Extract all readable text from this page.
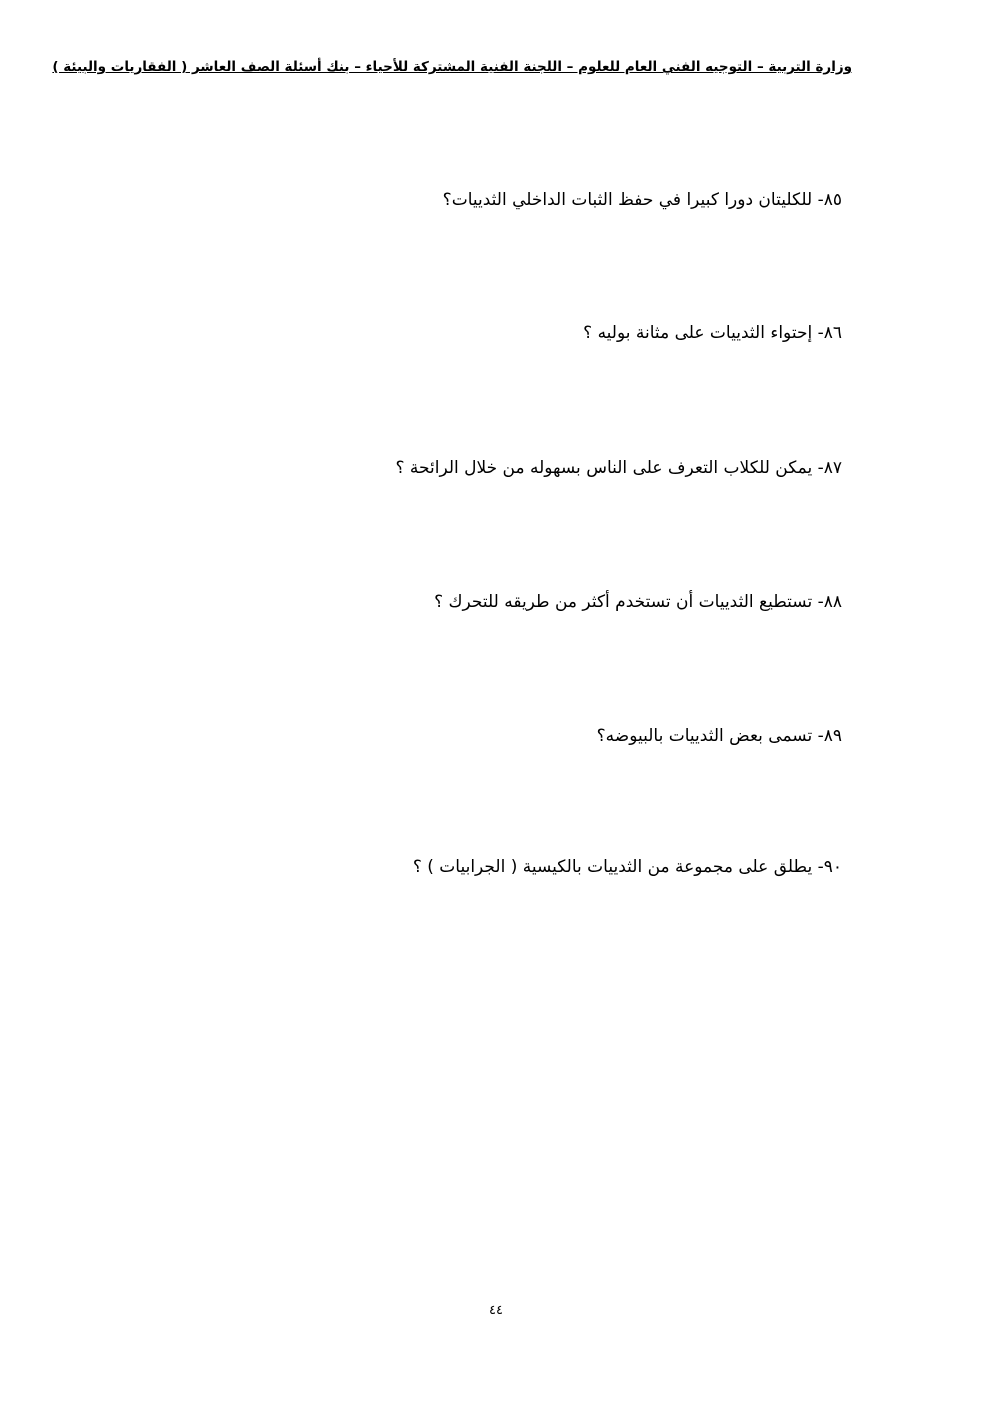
وزارة التربية – التوجيه الفني العام للعلوم – اللجنة الفنية المشتركة للأحياء – بنك أسئلة الصف العاشر ( الفقاريات والبيئة )
٨٥- للكليتان دورا كبيرا في حفظ الثبات الداخلي الثدييات؟
٨٦- إحتواء الثدييات على مثانة بوليه ؟
٨٧- يمكن للكلاب التعرف على الناس بسهوله من خلال الرائحة ؟
٨٨- تستطيع الثدييات أن تستخدم أكثر من طريقه للتحرك ؟
٨٩- تسمى بعض الثدييات بالبيوضه؟
٩٠- يطلق على مجموعة من الثدييات بالكيسية ( الجرابيات ) ؟
٤٤
